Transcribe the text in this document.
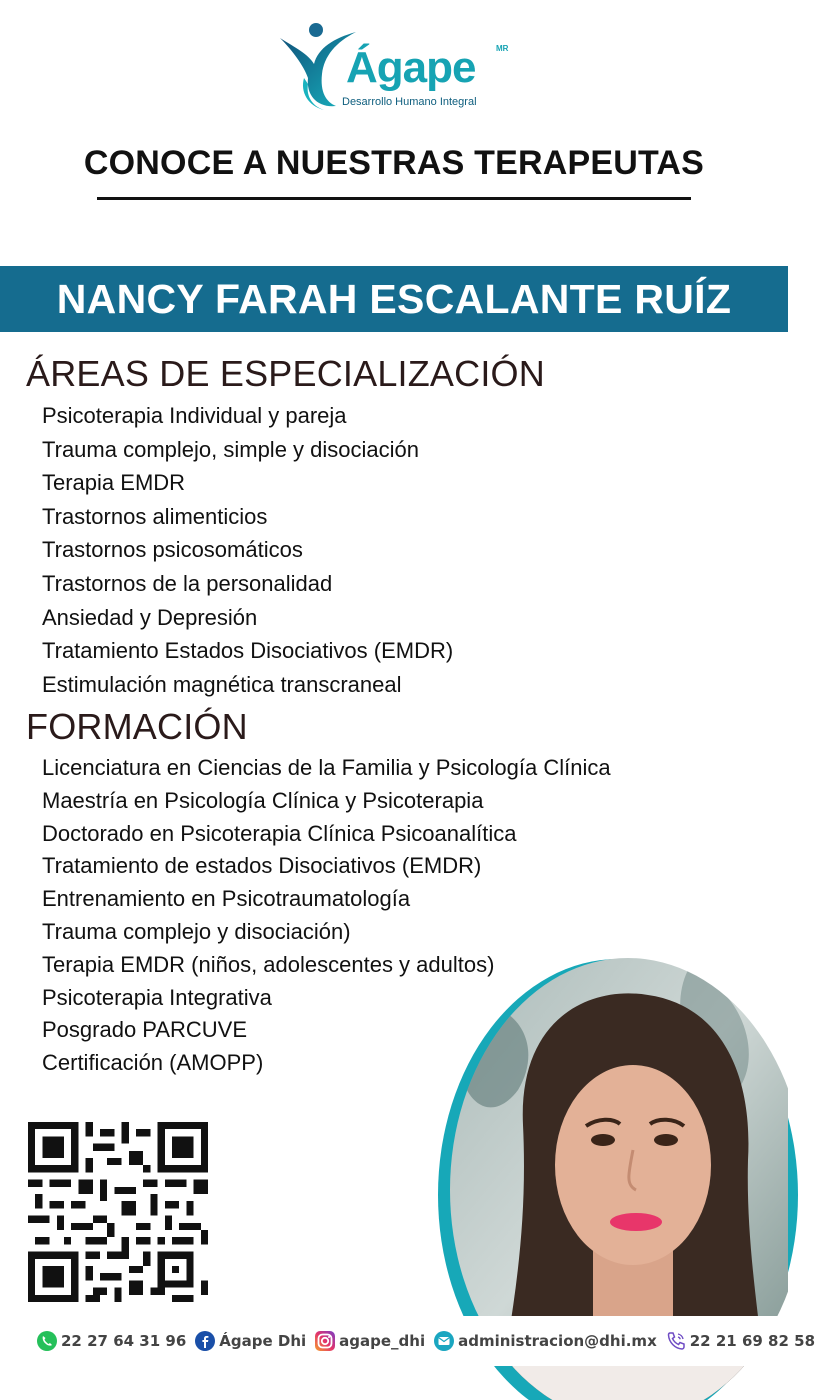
Ágape	MR
Desarrollo Humano Integral
CONOCE A NUESTRAS TERAPEUTAS
NANCY FARAH ESCALANTE RUÍZ
ÁREAS DE ESPECIALIZACIÓN
Psicoterapia Individual y pareja
Trauma complejo, simple y disociación
Terapia EMDR
Trastornos alimenticios
Trastornos psicosomáticos
Trastornos de la personalidad
Ansiedad y Depresión
Tratamiento Estados Disociativos (EMDR)
Estimulación magnética transcraneal
FORMACIÓN
Licenciatura en Ciencias de la Familia y Psicología Clínica
Maestría en Psicología Clínica y Psicoterapia
Doctorado en Psicoterapia Clínica Psicoanalítica
Tratamiento de estados Disociativos (EMDR)
Entrenamiento en Psicotraumatología
Trauma complejo y disociación)
Terapia EMDR (niños, adolescentes y adultos)
Psicoterapia Integrativa
Posgrado PARCUVE
Certificación (AMOPP)
22 27 64 31 96 Ágape Dhi agape_dhi administracion@dhi.mx 22 21 69 82 58
